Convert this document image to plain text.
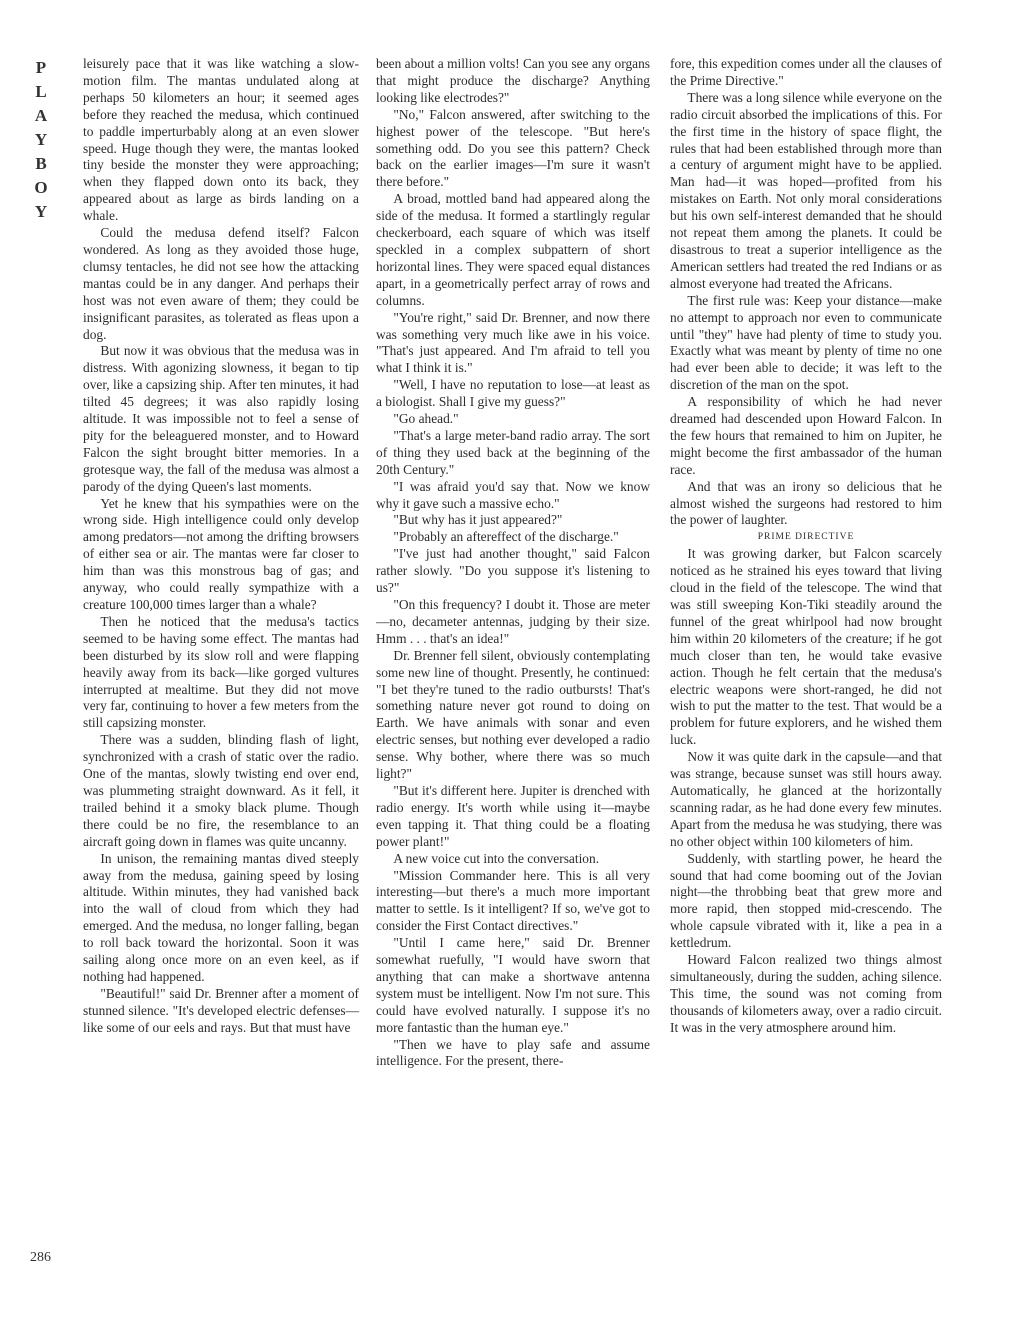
P
L
A
Y
B
O
Y

leisurely pace that it was like watching a slow-motion film. The mantas undulated along at perhaps 50 kilometers an hour; it seemed ages before they reached the medusa, which continued to paddle imperturbably along at an even slower speed. Huge though they were, the mantas looked tiny beside the monster they were approaching; when they flapped down onto its back, they appeared about as large as birds landing on a whale.

Could the medusa defend itself? Falcon wondered. As long as they avoided those huge, clumsy tentacles, he did not see how the attacking mantas could be in any danger. And perhaps their host was not even aware of them; they could be insignificant parasites, as tolerated as fleas upon a dog.

But now it was obvious that the medusa was in distress. With agonizing slowness, it began to tip over, like a capsizing ship. After ten minutes, it had tilted 45 degrees; it was also rapidly losing altitude. It was impossible not to feel a sense of pity for the beleaguered monster, and to Howard Falcon the sight brought bitter memories. In a grotesque way, the fall of the medusa was almost a parody of the dying Queen's last moments.

Yet he knew that his sympathies were on the wrong side. High intelligence could only develop among predators—not among the drifting browsers of either sea or air. The mantas were far closer to him than was this monstrous bag of gas; and anyway, who could really sympathize with a creature 100,000 times larger than a whale?

Then he noticed that the medusa's tactics seemed to be having some effect. The mantas had been disturbed by its slow roll and were flapping heavily away from its back—like gorged vultures interrupted at mealtime. But they did not move very far, continuing to hover a few meters from the still capsizing monster.

There was a sudden, blinding flash of light, synchronized with a crash of static over the radio. One of the mantas, slowly twisting end over end, was plummeting straight downward. As it fell, it trailed behind it a smoky black plume. Though there could be no fire, the resemblance to an aircraft going down in flames was quite uncanny.

In unison, the remaining mantas dived steeply away from the medusa, gaining speed by losing altitude. Within minutes, they had vanished back into the wall of cloud from which they had emerged. And the medusa, no longer falling, began to roll back toward the horizontal. Soon it was sailing along once more on an even keel, as if nothing had happened.

"Beautiful!" said Dr. Brenner after a moment of stunned silence. "It's developed electric defenses—like some of our eels and rays. But that must have

been about a million volts! Can you see any organs that might produce the discharge? Anything looking like electrodes?"

"No," Falcon answered, after switching to the highest power of the telescope. "But here's something odd. Do you see this pattern? Check back on the earlier images—I'm sure it wasn't there before."

A broad, mottled band had appeared along the side of the medusa. It formed a startlingly regular checkerboard, each square of which was itself speckled in a complex subpattern of short horizontal lines. They were spaced equal distances apart, in a geometrically perfect array of rows and columns.

"You're right," said Dr. Brenner, and now there was something very much like awe in his voice. "That's just appeared. And I'm afraid to tell you what I think it is."

"Well, I have no reputation to lose—at least as a biologist. Shall I give my guess?"

"Go ahead."

"That's a large meter-band radio array. The sort of thing they used back at the beginning of the 20th Century."

"I was afraid you'd say that. Now we know why it gave such a massive echo."

"But why has it just appeared?"

"Probably an aftereffect of the discharge."

"I've just had another thought," said Falcon rather slowly. "Do you suppose it's listening to us?"

"On this frequency? I doubt it. Those are meter—no, decameter antennas, judging by their size. Hmm . . . that's an idea!"

Dr. Brenner fell silent, obviously contemplating some new line of thought. Presently, he continued: "I bet they're tuned to the radio outbursts! That's something nature never got round to doing on Earth. We have animals with sonar and even electric senses, but nothing ever developed a radio sense. Why bother, where there was so much light?"

"But it's different here. Jupiter is drenched with radio energy. It's worth while using it—maybe even tapping it. That thing could be a floating power plant!"

A new voice cut into the conversation.

"Mission Commander here. This is all very interesting—but there's a much more important matter to settle. Is it intelligent? If so, we've got to consider the First Contact directives."

"Until I came here," said Dr. Brenner somewhat ruefully, "I would have sworn that anything that can make a shortwave antenna system must be intelligent. Now I'm not sure. This could have evolved naturally. I suppose it's no more fantastic than the human eye."

"Then we have to play safe and assume intelligence. For the present, there-

fore, this expedition comes under all the clauses of the Prime Directive."

There was a long silence while everyone on the radio circuit absorbed the implications of this. For the first time in the history of space flight, the rules that had been established through more than a century of argument might have to be applied. Man had—it was hoped—profited from his mistakes on Earth. Not only moral considerations but his own self-interest demanded that he should not repeat them among the planets. It could be disastrous to treat a superior intelligence as the American settlers had treated the red Indians or as almost everyone had treated the Africans.

The first rule was: Keep your distance—make no attempt to approach nor even to communicate until "they" have had plenty of time to study you. Exactly what was meant by plenty of time no one had ever been able to decide; it was left to the discretion of the man on the spot.

A responsibility of which he had never dreamed had descended upon Howard Falcon. In the few hours that remained to him on Jupiter, he might become the first ambassador of the human race.

And that was an irony so delicious that he almost wished the surgeons had restored to him the power of laughter.

PRIME DIRECTIVE

It was growing darker, but Falcon scarcely noticed as he strained his eyes toward that living cloud in the field of the telescope. The wind that was still sweeping Kon-Tiki steadily around the funnel of the great whirlpool had now brought him within 20 kilometers of the creature; if he got much closer than ten, he would take evasive action. Though he felt certain that the medusa's electric weapons were short-ranged, he did not wish to put the matter to the test. That would be a problem for future explorers, and he wished them luck.

Now it was quite dark in the capsule—and that was strange, because sunset was still hours away. Automatically, he glanced at the horizontally scanning radar, as he had done every few minutes. Apart from the medusa he was studying, there was no other object within 100 kilometers of him.

Suddenly, with startling power, he heard the sound that had come booming out of the Jovian night—the throbbing beat that grew more and more rapid, then stopped mid-crescendo. The whole capsule vibrated with it, like a pea in a kettledrum.

Howard Falcon realized two things almost simultaneously, during the sudden, aching silence. This time, the sound was not coming from thousands of kilometers away, over a radio circuit. It was in the very atmosphere around him.

286
